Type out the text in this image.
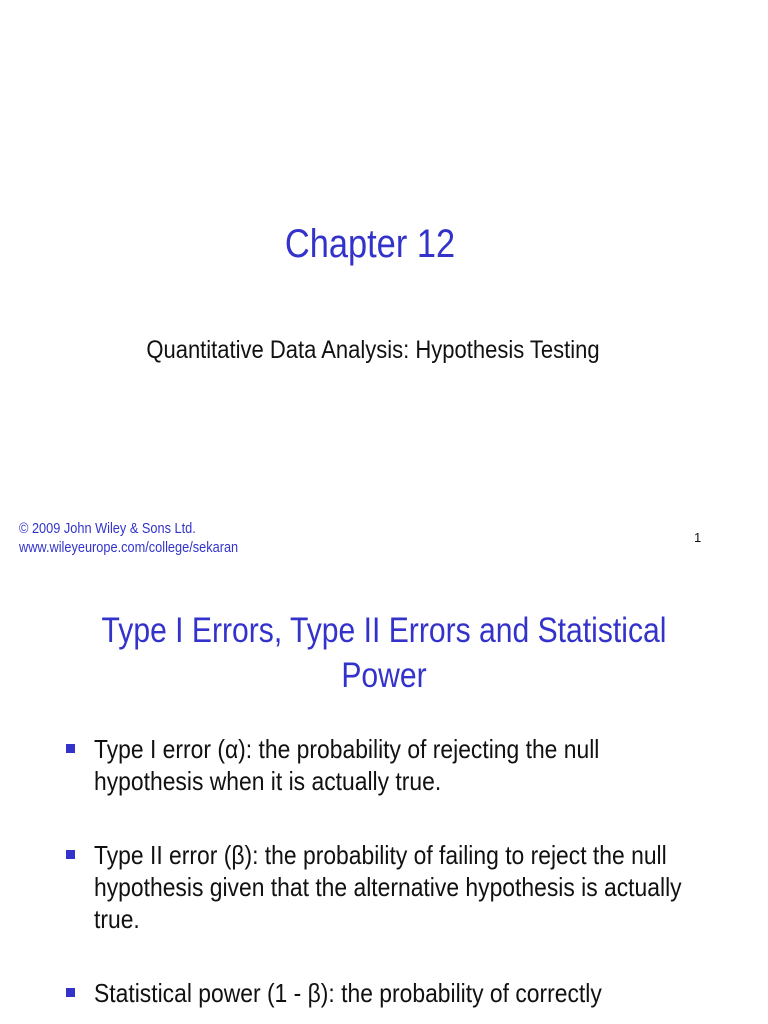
Chapter 12
Quantitative Data Analysis: Hypothesis Testing
© 2009 John Wiley & Sons Ltd.
www.wileyeurope.com/college/sekaran
1
Type I Errors, Type II Errors and Statistical
Power
Type I error (α): the probability of rejecting the null hypothesis when it is actually true.
Type II error (β): the probability of failing to reject the null hypothesis given that the alternative hypothesis is actually true.
Statistical power (1 - β): the probability of correctly
